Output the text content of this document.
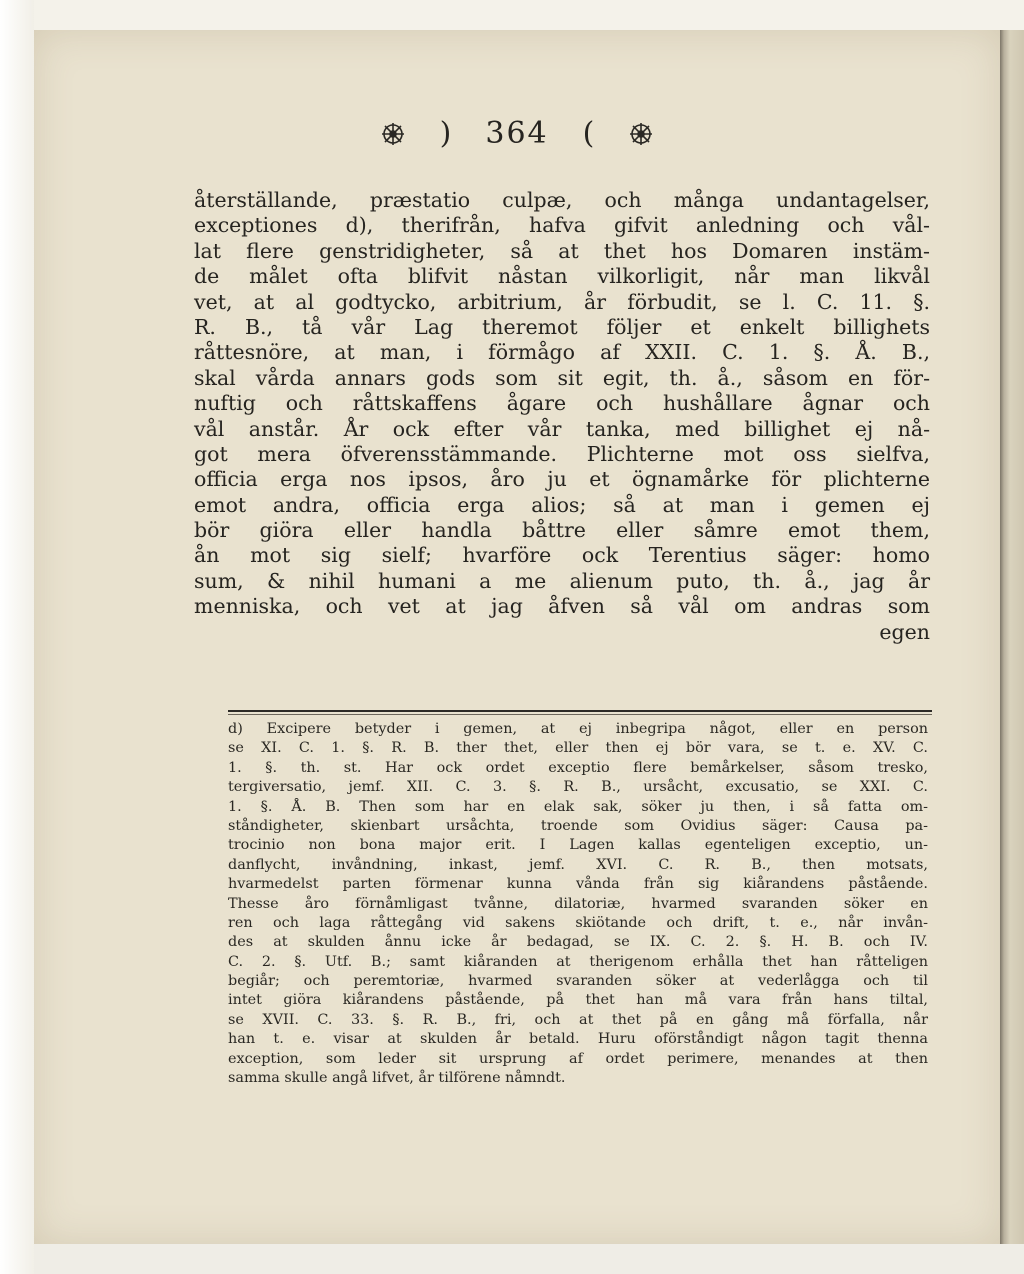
) 364 (
återställande, præstatio culpæ, och många undantagelser,
exceptiones d), therifrån, hafva gifvit anledning och vål-
lat flere genstridigheter, så at thet hos Domaren instäm-
de målet ofta blifvit nåstan vilkorligit, når man likvål
vet, at al godtycko, arbitrium, år förbudit, se l. C. 11. §.
R. B., tå vår Lag theremot följer et enkelt billighets
råttesnöre, at man, i förmågo af XXII. C. 1. §. Å. B.,
skal vårda annars gods som sit egit, th. å., såsom en för-
nuftig och råttskaffens ågare och hushållare ågnar och
vål anstår. År ock efter vår tanka, med billighet ej nå-
got mera öfverensstämmande. Plichterne mot oss sielfva,
officia erga nos ipsos, åro ju et ögnamårke för plichterne
emot andra, officia erga alios; så at man i gemen ej
bör giöra eller handla båttre eller såmre emot them,
ån mot sig sielf; hvarföre ock Terentius säger: homo
sum, & nihil humani a me alienum puto, th. å., jag år
menniska, och vet at jag åfven så vål om andras som
egen
d) Excipere betyder i gemen, at ej inbegripa något, eller en person
se XI. C. 1. §. R. B. ther thet, eller then ej bör vara, se t. e. XV. C.
1. §. th. st. Har ock ordet exceptio flere bemårkelser, såsom tresko,
tergiversatio, jemf. XII. C. 3. §. R. B., ursåcht, excusatio, se XXI. C.
1. §. Å. B. Then som har en elak sak, söker ju then, i så fatta om-
ståndigheter, skienbart ursåchta, troende som Ovidius säger: Causa pa-
trocinio non bona major erit. I Lagen kallas egenteligen exceptio, un-
danflycht, invåndning, inkast, jemf. XVI. C. R. B., then motsats,
hvarmedelst parten förmenar kunna vånda från sig kiårandens påstående.
Thesse åro förnåmligast tvånne, dilatoriæ, hvarmed svaranden söker en
ren och laga råttegång vid sakens skiötande och drift, t. e., når invån-
des at skulden ånnu icke år bedagad, se IX. C. 2. §. H. B. och IV.
C. 2. §. Utf. B.; samt kiåranden at therigenom erhålla thet han råtteligen
begiår; och peremtoriæ, hvarmed svaranden söker at vederlågga och til
intet giöra kiårandens påstående, på thet han må vara från hans tiltal,
se XVII. C. 33. §. R. B., fri, och at thet på en gång må förfalla, når
han t. e. visar at skulden år betald. Huru oförståndigt någon tagit thenna
exception, som leder sit ursprung af ordet perimere, menandes at then
samma skulle angå lifvet, år tilförene nåmndt.
